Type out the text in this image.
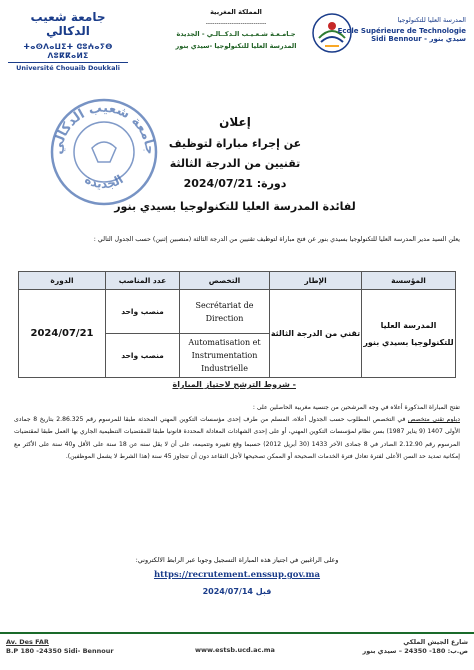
جامعة شعيب الدكالي
ⵜⴰⵙⴷⴰⵡⵉⵜ ⵛⵓⵄⴰⵢⴱ ⴷⵓⴽⴽⴰⵍⵉ
Université Chouaib Doukkali
المملكة المغربية
----------------------------
جـامـعـة شـعـيـب الـدكــالـي - الجديدة
المدرسة العليا للتكنولوجيا -سيدي بنور
المدرسة العليا للتكنولوجيا
Ecole Supérieure de Technologie
Sidi Bennour - سيدي بنور
جامعة شعيب الدكالي
الجديدة
إعلان
عن إجراء مباراة لتوظيف
تقنيين من الدرجة الثالثة
دورة: 2024/07/21
لفائدة المدرسة العليا للتكنولوجيا بسيدي بنور
يعلن السيد مدير المدرسة العليا للتكنولوجيا بسيدي بنور عن فتح مباراة لتوظيف تقنيين من الدرجة الثالثة (منصبين إثنين) حسب الجدول التالي :
المؤسسة	الإطار	التخصص	عدد المناصب	الدورة
المدرسة العليا للتكنولوجيا بسيدي بنور	تقني من الدرجة الثالثة	Secrétariat de Direction	منصب واحد	2024/07/21
		Automatisation et Instrumentation Industrielle	منصب واحد	
- شروط الترشح لاجتياز المباراة

تفتح المباراة المذكورة أعلاه في وجه المرشحين من جنسية مغربية الحاصلين على :

دبلوم تقني متخصص في التخصص المطلوب حسب الجدول أعلاه، المسلم من طرف إحدى مؤسسات التكوين المهني المحدثة طبقا للمرسوم رقم 2.86.325 بتاريخ 8 جمادى الأولى 1407 (9 يناير 1987) بسن نظام لمؤسسات التكوين المهني، أو على إحدى الشهادات المعادلة المحددة قانونيا طبقا للمقتضيات التنظيمية الجاري بها العمل طبقا لمقتضيات المرسوم رقم 2.12.90 الصادر في 8 جمادى الآخر 1433 (30 أبريل 2012) حسبما وقع تغييره وتتميمه، على أن لا يقل سنه عن 18 سنة على الأقل و40 سنة على الأكثر مع إمكانية تمديد حد السن الأعلى لفترة تعادل فترة الخدمات الصحيحة أو الممكن تصحيحها لأجل التقاعد دون أن تتجاوز 45 سنة (هذا الشرط لا يشمل الموظفين).

وعلى الراغبين في اجتياز هذه المباراة التسجيل وجوبا عبر الرابط الالكتروني:
https://recrutement.enssup.gov.ma
قبل 2024/07/14
Av. Des FAR
B.P 180 -24350 Sidi- Bennour	www.estsb.ucd.ac.ma
شارع الجيش الملكي
ص.ب: 180- 24350 – سيدي بنور
